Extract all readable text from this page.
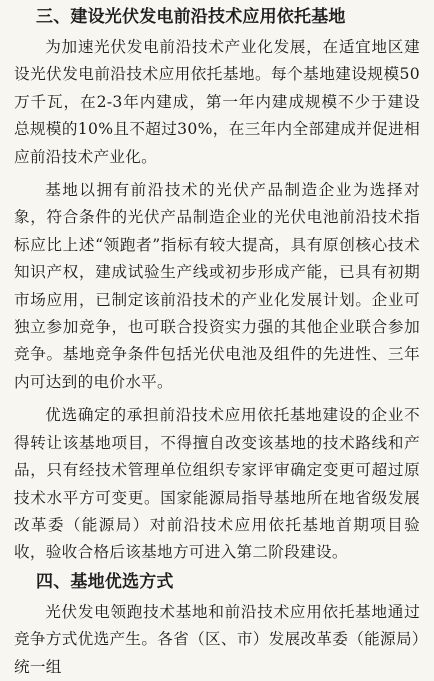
三、建设光伏发电前沿技术应用依托基地

为加速光伏发电前沿技术产业化发展，在适宜地区建设光伏发电前沿技术应用依托基地。每个基地建设规模50万千瓦，在2-3年内建成，第一年内建成规模不少于建设总规模的10%且不超过30%，在三年内全部建成并促进相应前沿技术产业化。

基地以拥有前沿技术的光伏产品制造企业为选择对象，符合条件的光伏产品制造企业的光伏电池前沿技术指标应比上述“领跑者”指标有较大提高，具有原创核心技术知识产权，建成试验生产线或初步形成产能，已具有初期市场应用，已制定该前沿技术的产业化发展计划。企业可独立参加竞争，也可联合投资实力强的其他企业联合参加竞争。基地竞争条件包括光伏电池及组件的先进性、三年内可达到的电价水平。

优选确定的承担前沿技术应用依托基地建设的企业不得转让该基地项目，不得擅自改变该基地的技术路线和产品，只有经技术管理单位组织专家评审确定变更可超过原技术水平方可变更。国家能源局指导基地所在地省级发展改革委（能源局）对前沿技术应用依托基地首期项目验收，验收合格后该基地方可进入第二阶段建设。

四、基地优选方式

光伏发电领跑技术基地和前沿技术应用依托基地通过竞争方式优选产生。各省（区、市）发展改革委（能源局）统一组
